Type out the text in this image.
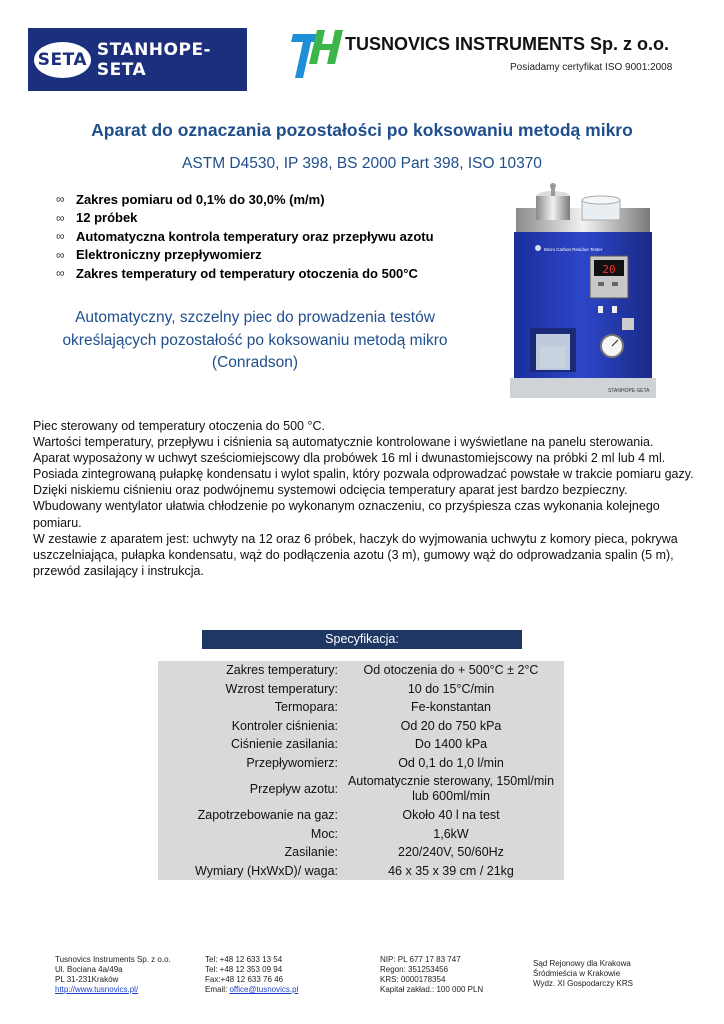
SETA STANHOPE-SETA
TUSNOVICS INSTRUMENTS Sp. z o.o.
Posiadamy certyfikat ISO 9001:2008
Aparat do oznaczania pozostałości po koksowaniu metodą mikro
ASTM D4530, IP 398, BS 2000 Part 398, ISO 10370
∞ Zakres pomiaru od 0,1% do 30,0% (m/m)
∞ 12 próbek
∞ Automatyczna kontrola temperatury oraz przepływu azotu
∞ Elektroniczny przepływomierz
∞ Zakres temperatury od temperatury otoczenia do 500°C
Automatyczny, szczelny piec do prowadzenia testów
określających pozostałość po koksowaniu metodą mikro
(Conradson)
Micro Carbon Residue Tester
20
STANHOPE-SETA
Piec sterowany od temperatury otoczenia do 500 °C.
Wartości temperatury, przepływu i ciśnienia są automatycznie kontrolowane i wyświetlane na panelu sterowania.
Aparat wyposażony w uchwyt sześciomiejscowy dla probówek 16 ml i dwunastomiejscowy na próbki 2 ml lub 4 ml. Posiada zintegrowaną pułapkę kondensatu i wylot spalin, który pozwala odprowadzać powstałe w trakcie pomiaru gazy.
Dzięki niskiemu ciśnieniu oraz podwójnemu systemowi odcięcia temperatury aparat jest bardzo bezpieczny. Wbudowany wentylator ułatwia chłodzenie po wykonanym oznaczeniu, co przyśpiesza czas wykonania kolejnego pomiaru.
W zestawie z aparatem jest: uchwyty na 12 oraz 6 próbek, haczyk do wyjmowania uchwytu z komory pieca, pokrywa uszczelniająca, pułapka kondensatu, wąż do podłączenia azotu (3 m), gumowy wąż do odprowadzania spalin (5 m), przewód zasilający i instrukcja.
Specyfikacja:
Zakres temperatury:	Od otoczenia do + 500°C ± 2°C
Wzrost temperatury:	10 do 15°C/min
Termopara:	Fe-konstantan
Kontroler ciśnienia:	Od 20 do 750 kPa
Ciśnienie zasilania:	Do 1400 kPa
Przepływomierz:	Od 0,1 do 1,0 l/min
Przepływ azotu:
Automatycznie sterowany, 150ml/min lub 600ml/min
Zapotrzebowanie na gaz:	Około 40 l na test
Moc:	1,6kW
Zasilanie:	220/240V, 50/60Hz
Wymiary (HxWxD)/ waga:	46 x 35 x 39 cm / 21kg
Tusnovics Instruments Sp. z o.o.
Ul. Bociana 4a/49a
PL 31-231Kraków
http://www.tusnovics.pl/
Tel: +48 12 633 13 54
Tel: +48 12 353 09 94
Fax:+48 12 633 76 46
Email: office@tusnovics.pl
NIP: PL 677 17 83 747
Regon: 351253456
KRS: 0000178354
Kapitał zakład.: 100 000 PLN
Sąd Rejonowy dla Krakowa
Śródmieścia w Krakowie
Wydz. XI Gospodarczy KRS
